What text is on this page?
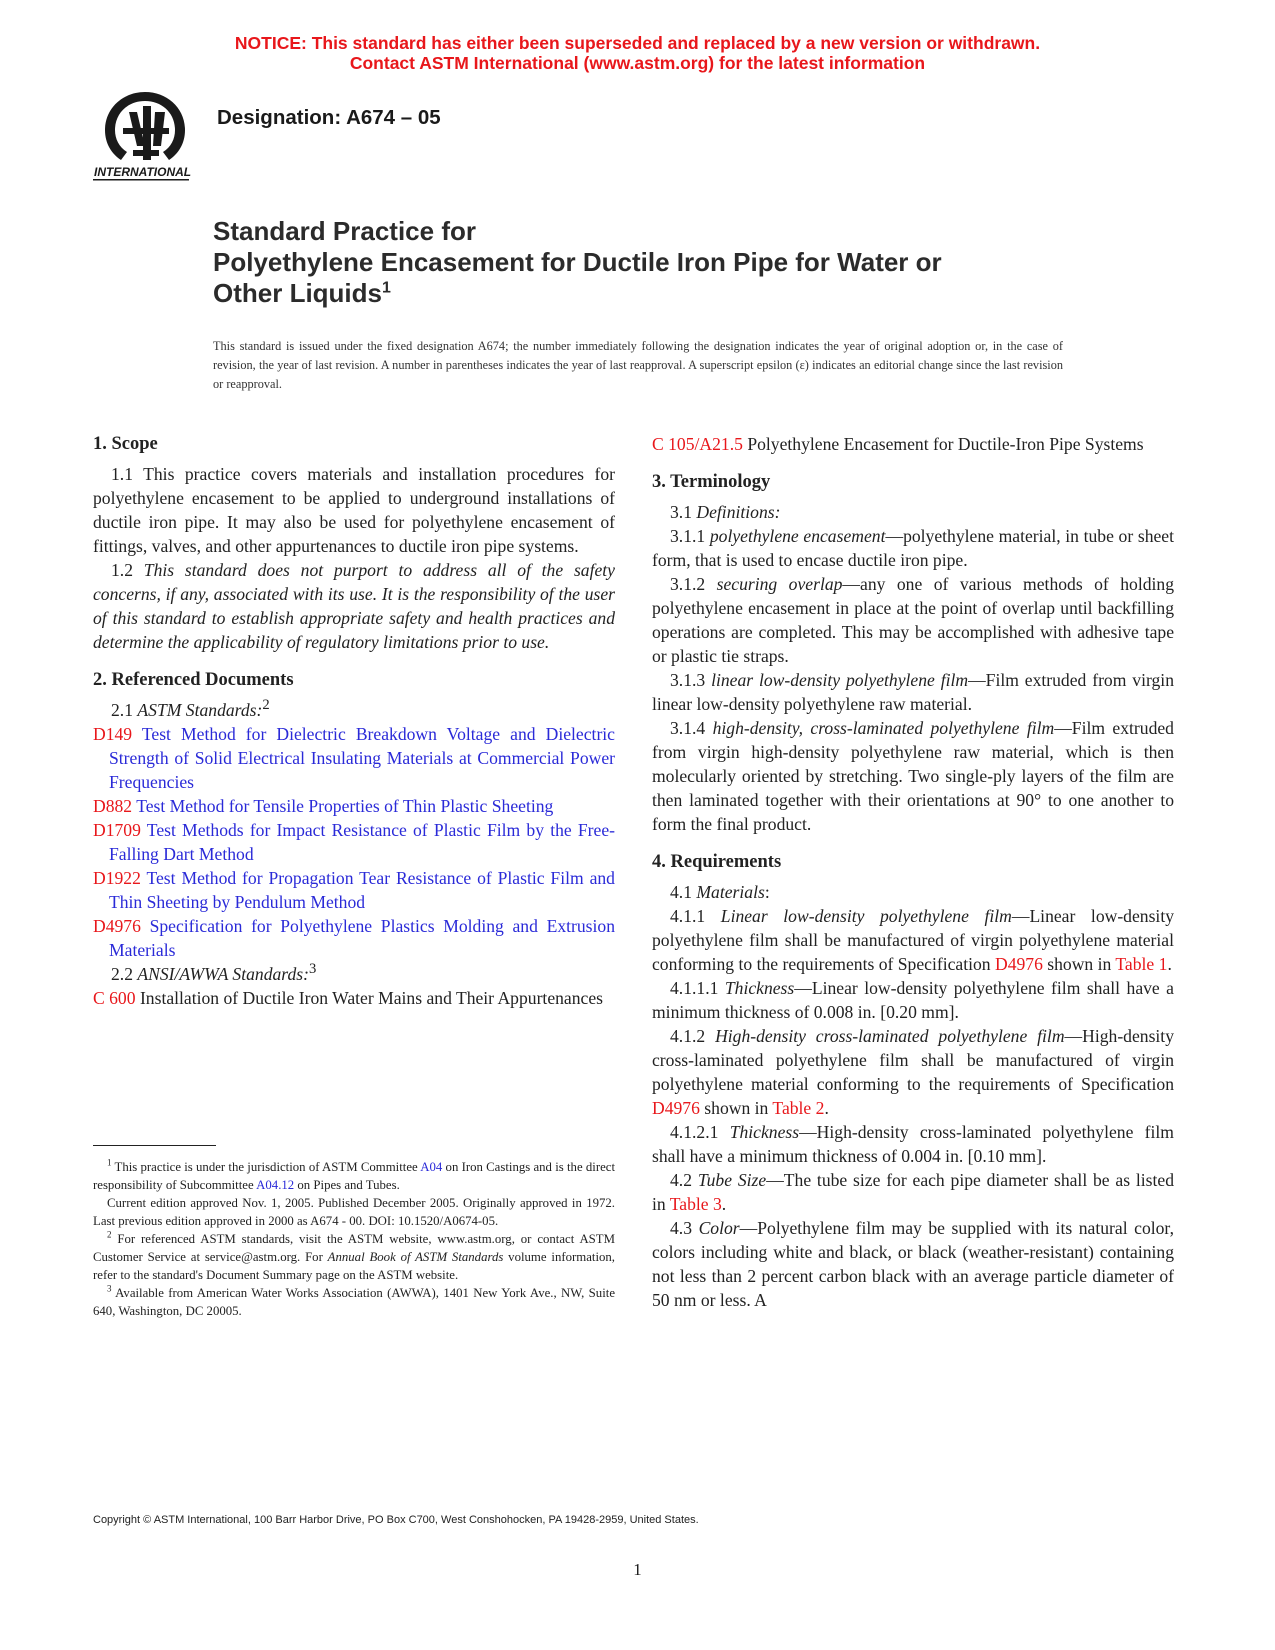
NOTICE: This standard has either been superseded and replaced by a new version or withdrawn.
Contact ASTM International (www.astm.org) for the latest information
INTERNATIONAL
Designation: A674 – 05
Standard Practice for
Polyethylene Encasement for Ductile Iron Pipe for Water or
Other Liquids$^1$
This standard is issued under the fixed designation A674; the number immediately following the designation indicates the year of original adoption or, in the case of revision, the year of last revision. A number in parentheses indicates the year of last reapproval. A superscript epsilon (ε) indicates an editorial change since the last revision or reapproval.

1. Scope

1.1 This practice covers materials and installation procedures for polyethylene encasement to be applied to underground installations of ductile iron pipe. It may also be used for polyethylene encasement of fittings, valves, and other appurtenances to ductile iron pipe systems.

1.2 This standard does not purport to address all of the safety concerns, if any, associated with its use. It is the responsibility of the user of this standard to establish appropriate safety and health practices and determine the applicability of regulatory limitations prior to use.

2. Referenced Documents

2.1 ASTM Standards:$^2$

D149 Test Method for Dielectric Breakdown Voltage and Dielectric Strength of Solid Electrical Insulating Materials at Commercial Power Frequencies

D882 Test Method for Tensile Properties of Thin Plastic Sheeting

D1709 Test Methods for Impact Resistance of Plastic Film by the Free-Falling Dart Method

D1922 Test Method for Propagation Tear Resistance of Plastic Film and Thin Sheeting by Pendulum Method

D4976 Specification for Polyethylene Plastics Molding and Extrusion Materials

2.2 ANSI/AWWA Standards:$^3$

C 600 Installation of Ductile Iron Water Mains and Their Appurtenances

$^1$ This practice is under the jurisdiction of ASTM Committee A04 on Iron Castings and is the direct responsibility of Subcommittee A04.12 on Pipes and Tubes.

Current edition approved Nov. 1, 2005. Published December 2005. Originally approved in 1972. Last previous edition approved in 2000 as A674 - 00. DOI: 10.1520/A0674-05.

$^2$ For referenced ASTM standards, visit the ASTM website, www.astm.org, or contact ASTM Customer Service at service@astm.org. For Annual Book of ASTM Standards volume information, refer to the standard's Document Summary page on the ASTM website.

$^3$ Available from American Water Works Association (AWWA), 1401 New York Ave., NW, Suite 640, Washington, DC 20005.

C 105/A21.5 Polyethylene Encasement for Ductile-Iron Pipe Systems

3. Terminology

3.1 Definitions:

3.1.1 polyethylene encasement—polyethylene material, in tube or sheet form, that is used to encase ductile iron pipe.

3.1.2 securing overlap—any one of various methods of holding polyethylene encasement in place at the point of overlap until backfilling operations are completed. This may be accomplished with adhesive tape or plastic tie straps.

3.1.3 linear low-density polyethylene film—Film extruded from virgin linear low-density polyethylene raw material.

3.1.4 high-density, cross-laminated polyethylene film—Film extruded from virgin high-density polyethylene raw material, which is then molecularly oriented by stretching. Two single-ply layers of the film are then laminated together with their orientations at 90° to one another to form the final product.

4. Requirements

4.1 Materials:

4.1.1 Linear low-density polyethylene film—Linear low-density polyethylene film shall be manufactured of virgin polyethylene material conforming to the requirements of Specification D4976 shown in Table 1.

4.1.1.1 Thickness—Linear low-density polyethylene film shall have a minimum thickness of 0.008 in. [0.20 mm].

4.1.2 High-density cross-laminated polyethylene film—High-density cross-laminated polyethylene film shall be manufactured of virgin polyethylene material conforming to the requirements of Specification D4976 shown in Table 2.

4.1.2.1 Thickness—High-density cross-laminated polyethylene film shall have a minimum thickness of 0.004 in. [0.10 mm].

4.2 Tube Size—The tube size for each pipe diameter shall be as listed in Table 3.

4.3 Color—Polyethylene film may be supplied with its natural color, colors including white and black, or black (weather-resistant) containing not less than 2 percent carbon black with an average particle diameter of 50 nm or less. A

Copyright © ASTM International, 100 Barr Harbor Drive, PO Box C700, West Conshohocken, PA 19428-2959, United States.
1
